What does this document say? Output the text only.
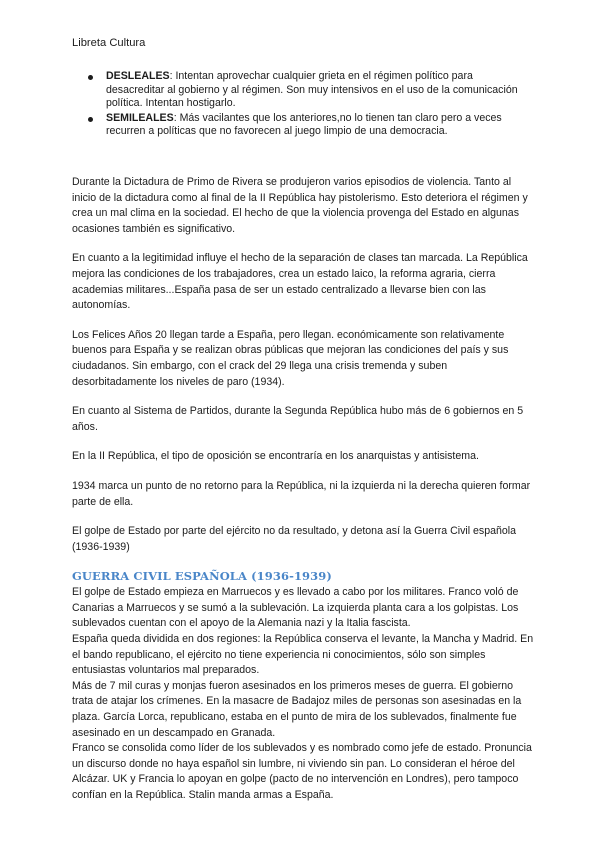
Libreta Cultura
DESLEALES: Intentan aprovechar cualquier grieta en el régimen político para desacreditar al gobierno y al régimen. Son muy intensivos en el uso de la comunicación política. Intentan hostigarlo.
SEMILEALES: Más vacilantes que los anteriores,no lo tienen tan claro pero a veces recurren a políticas que no favorecen al juego limpio de una democracia.

Durante la Dictadura de Primo de Rivera se produjeron varios episodios de violencia. Tanto al inicio de la dictadura como al final de la II República hay pistolerismo. Esto deteriora el régimen y crea un mal clima en la sociedad. El hecho de que la violencia provenga del Estado en algunas ocasiones también es significativo.

En cuanto a la legitimidad influye el hecho de la separación de clases tan marcada. La República mejora las condiciones de los trabajadores, crea un estado laico, la reforma agraria, cierra academias militares...España pasa de ser un estado centralizado a llevarse bien con las autonomías.

Los Felices Años 20 llegan tarde a España, pero llegan. económicamente son relativamente buenos para España y se realizan obras públicas que mejoran las condiciones del país y sus ciudadanos. Sin embargo, con el crack del 29 llega una crisis tremenda y suben desorbitadamente los niveles de paro (1934).

En cuanto al Sistema de Partidos, durante la Segunda República hubo más de 6 gobiernos en 5 años.

En la II República, el tipo de oposición se encontraría en los anarquistas y antisistema.

1934 marca un punto de no retorno para la República, ni la izquierda ni la derecha quieren formar parte de ella.

El golpe de Estado por parte del ejército no da resultado, y detona así la Guerra Civil española (1936-1939)

GUERRA CIVIL ESPAÑOLA (1936-1939)

El golpe de Estado empieza en Marruecos y es llevado a cabo por los militares. Franco voló de Canarias a Marruecos y se sumó a la sublevación. La izquierda planta cara a los golpistas. Los sublevados cuentan con el apoyo de la Alemania nazi y la Italia fascista.

España queda dividida en dos regiones: la República conserva el levante, la Mancha y Madrid. En el bando republicano, el ejército no tiene experiencia ni conocimientos, sólo son simples entusiastas voluntarios mal preparados.

Más de 7 mil curas y monjas fueron asesinados en los primeros meses de guerra. El gobierno trata de atajar los crímenes. En la masacre de Badajoz miles de personas son asesinadas en la plaza. García Lorca, republicano, estaba en el punto de mira de los sublevados, finalmente fue asesinado en un descampado en Granada.

Franco se consolida como líder de los sublevados y es nombrado como jefe de estado. Pronuncia un discurso donde no haya español sin lumbre, ni viviendo sin pan. Lo consideran el héroe del Alcázar. UK y Francia lo apoyan en golpe (pacto de no intervención en Londres), pero tampoco confían en la República. Stalin manda armas a España.
